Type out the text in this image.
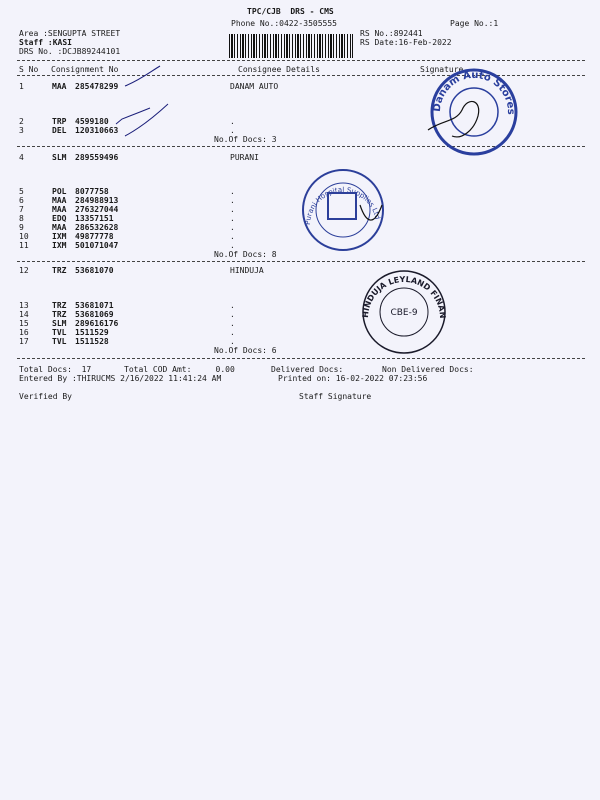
TPC/CJB  DRS - CMS
Phone No.:0422-3505555	Page No.:1
Area :SENGUPTA STREET
Staff :KASI
DRS No. :DCJB89244101
RS No.:892441
RS Date:16-Feb-2022
S No Consignment No	Consignee Details	Signature
1	MAA 285478299	DANAM AUTO
2	TRP 4599180	.
3	DEL 120310663	.
No.Of Docs: 3
4	SLM 289559496	PURANI
5	POL 8077758	.
6	MAA 284988913	.
7	MAA 276327044	.
8	EDQ 13357151	.
9	MAA 286532628	.
10	IXM 49877778	.
11	IXM 501071047	.
No.Of Docs: 8
12	TRZ 53681070	HINDUJA
13	TRZ 53681071	.
14	TRZ 53681069	.
15	SLM 289616176	.
16	TVL 1511529	.
17	TVL 1511528	.
No.Of Docs: 6
Total Docs:  17	Total COD Amt:     0.00	Delivered Docs:	Non Delivered Docs:
Entered By :THIRUCMS 2/16/2022 11:41:24 AM	Printed on: 16-02-2022 07:23:56
Verified By	Staff Signature
Danam Auto Stores
Purani Hospital Supplies Ltd
HINDUJA LEYLAND FINANCE LTD
CBE-9
